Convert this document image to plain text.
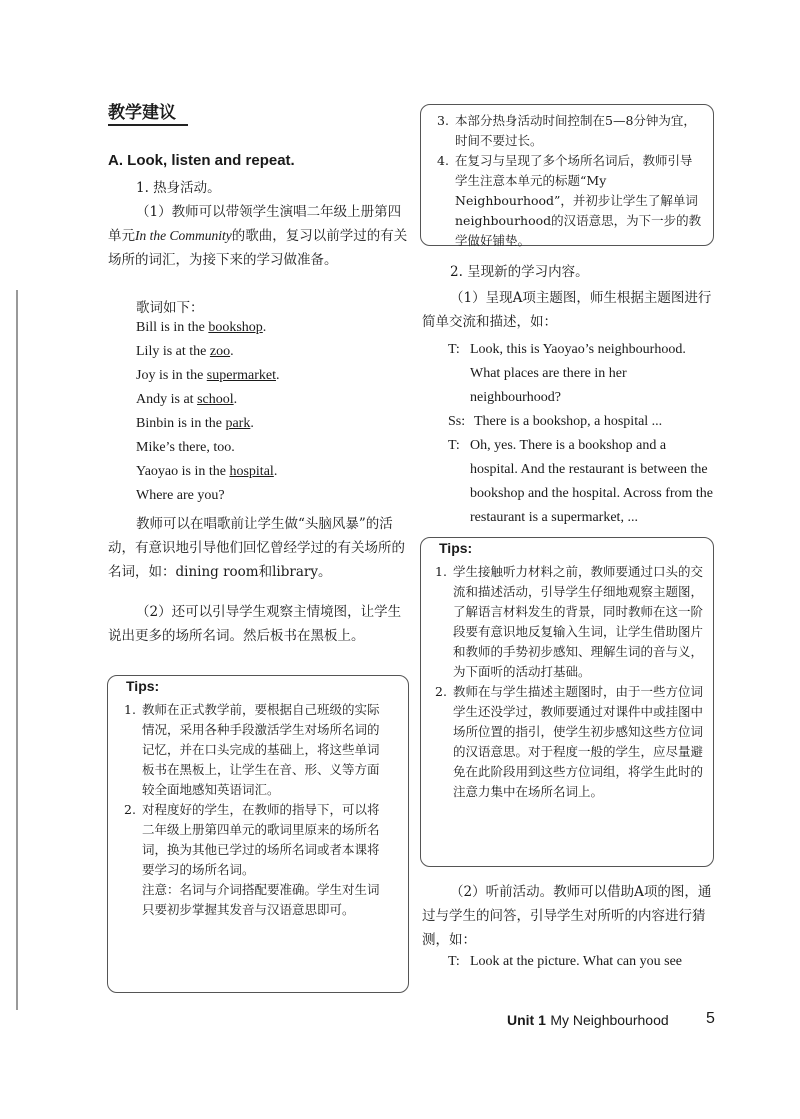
教学建议
A. Look, listen and repeat.
1. 热身活动。
（1）教师可以带领学生演唱二年级上册第四单元In the Community的歌曲，复习以前学过的有关场所的词汇，为接下来的学习做准备。
歌词如下：
Bill is in the bookshop.
Lily is at the zoo.
Joy is in the supermarket.
Andy is at school.
Binbin is in the park.
Mike’s there, too.
Yaoyao is in the hospital.
Where are you?
教师可以在唱歌前让学生做“头脑风暴”的活动，有意识地引导他们回忆曾经学过的有关场所的名词，如：dining room和library。
（2）还可以引导学生观察主情境图，让学生说出更多的场所名词。然后板书在黑板上。
Tips:
1. 教师在正式教学前，要根据自己班级的实际情况，采用各种手段激活学生对场所名词的记忆，并在口头完成的基础上，将这些单词板书在黑板上，让学生在音、形、义等方面较全面地感知英语词汇。
2. 对程度好的学生，在教师的指导下，可以将二年级上册第四单元的歌词里原来的场所名词，换为其他已学过的场所名词或者本课将要学习的场所名词。
注意：名词与介词搭配要准确。学生对生词只要初步掌握其发音与汉语意思即可。
3. 本部分热身活动时间控制在5—8分钟为宜，时间不要过长。
4. 在复习与呈现了多个场所名词后，教师引导学生注意本单元的标题“My Neighbourhood”，并初步让学生了解单词neighbourhood的汉语意思，为下一步的教学做好铺垫。
2. 呈现新的学习内容。
（1）呈现A项主题图，师生根据主题图进行简单交流和描述，如：
T: Look, this is Yaoyao’s neighbourhood. What places are there in her neighbourhood?
Ss: There is a bookshop, a hospital ...
T: Oh, yes. There is a bookshop and a hospital. And the restaurant is between the bookshop and the hospital. Across from the restaurant is a supermarket, ...
Tips:
1. 学生接触听力材料之前，教师要通过口头的交流和描述活动，引导学生仔细地观察主题图，了解语言材料发生的背景，同时教师在这一阶段要有意识地反复输入生词，让学生借助图片和教师的手势初步感知、理解生词的音与义，为下面听的活动打基础。
2. 教师在与学生描述主题图时，由于一些方位词学生还没学过，教师要通过对课件中或挂图中场所位置的指引，使学生初步感知这些方位词的汉语意思。对于程度一般的学生，应尽量避免在此阶段用到这些方位词组，将学生此时的注意力集中在场所名词上。
（2）听前活动。教师可以借助A项的图，通过与学生的问答，引导学生对所听的内容进行猜测，如：
T: Look at the picture. What can you see
Unit 1 My Neighbourhood 5
